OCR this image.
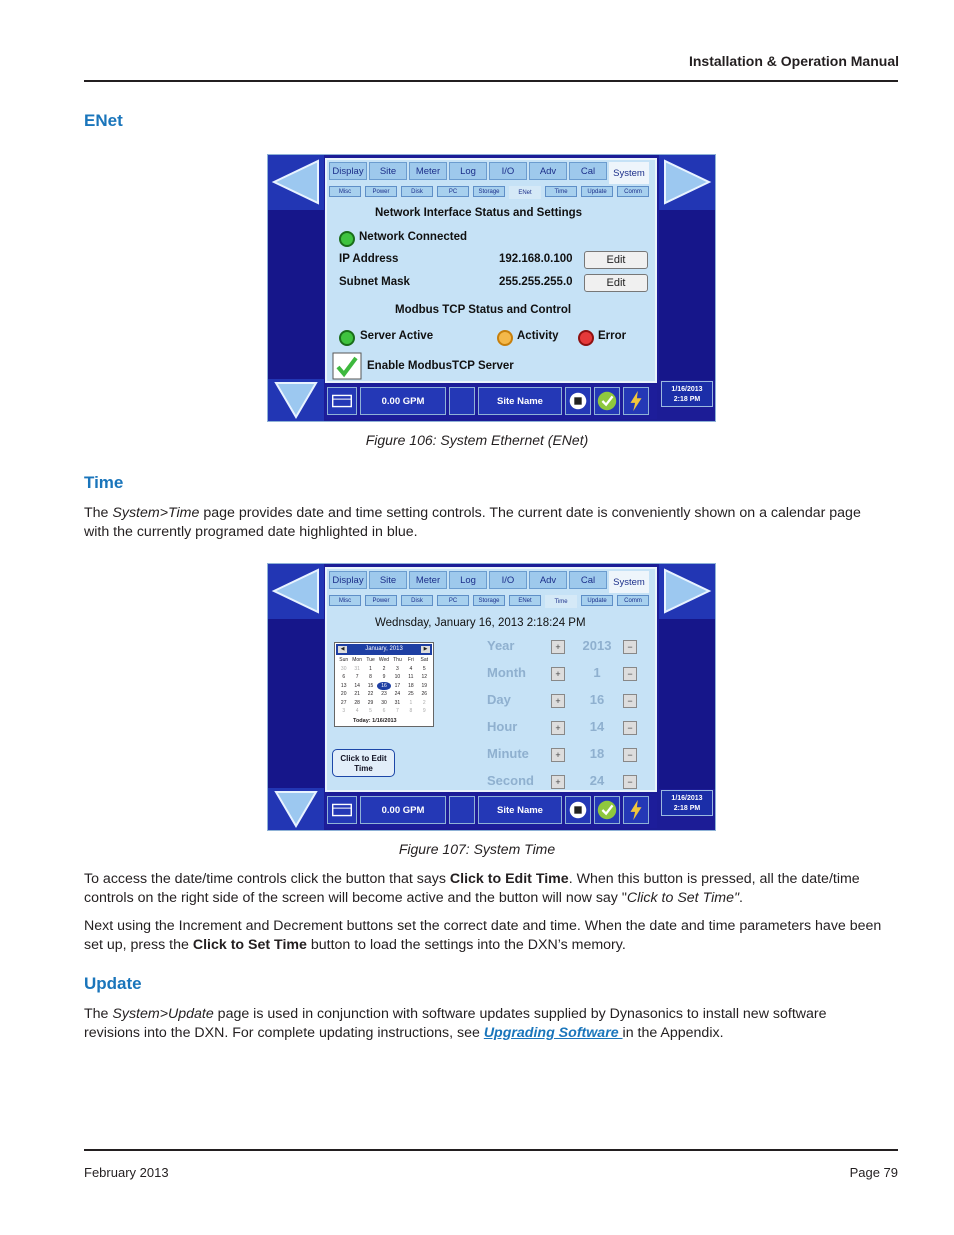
Installation & Operation Manual
February 2013	Page 79
ENet
1/16/2013
2:18 PM
Display	Site	Meter	Log	I/O	Adv	Cal	System
Misc	Power	Disk	PC	Storage	ENet	Time	Update	Comm
Network Interface Status and Settings
Network Connected
IP Address	192.168.0.100	Edit
Subnet Mask	255.255.255.0	Edit
Modbus TCP Status and Control
Server Active	Activity	Error
Enable ModbusTCP Server
0.00 GPM	Site Name
Figure 106: System Ethernet (ENet)
Time

The System>Time page provides date and time setting controls. The current date is conveniently shown on a calendar page with the currently programed date highlighted in blue.

1/16/2013
2:18 PM
Display	Site	Meter	Log	I/O	Adv	Cal	System
Misc	Power	Disk	PC	Storage	ENet	Time	Update	Comm
Wednsday, January 16, 2013 2:18:24 PM
◀	January, 2013	▶
Sun Mon Tue Wed Thu	Fri	Sat
30	31	1	2	3	4	5
6	7	8	9	10	11	12
13	14	15	16	17	18	19
20	21	22	23	24	25	26
27	28	29	30	31	1	2
3	4	5	6	7	8	9
Today: 1/16/2013
Click to Edit Time
Year	+	2013	−
Month	+	1	−
Day	+	16	−
Hour	+	14	−
Minute	+	18	−
Second	+	24	−
0.00 GPM	Site Name
Figure 107: System Time

To access the date/time controls click the button that says Click to Edit Time. When this button is pressed, all the date/time controls on the right side of the screen will become active and the button will now say "Click to Set Time".

Next using the Increment and Decrement buttons set the correct date and time. When the date and time parameters have been set up, press the Click to Set Time button to load the settings into the DXN’s memory.

Update

The System>Update page is used in conjunction with software updates supplied by Dynasonics to install new software revisions into the DXN. For complete updating instructions, see Upgrading Software in the Appendix.
